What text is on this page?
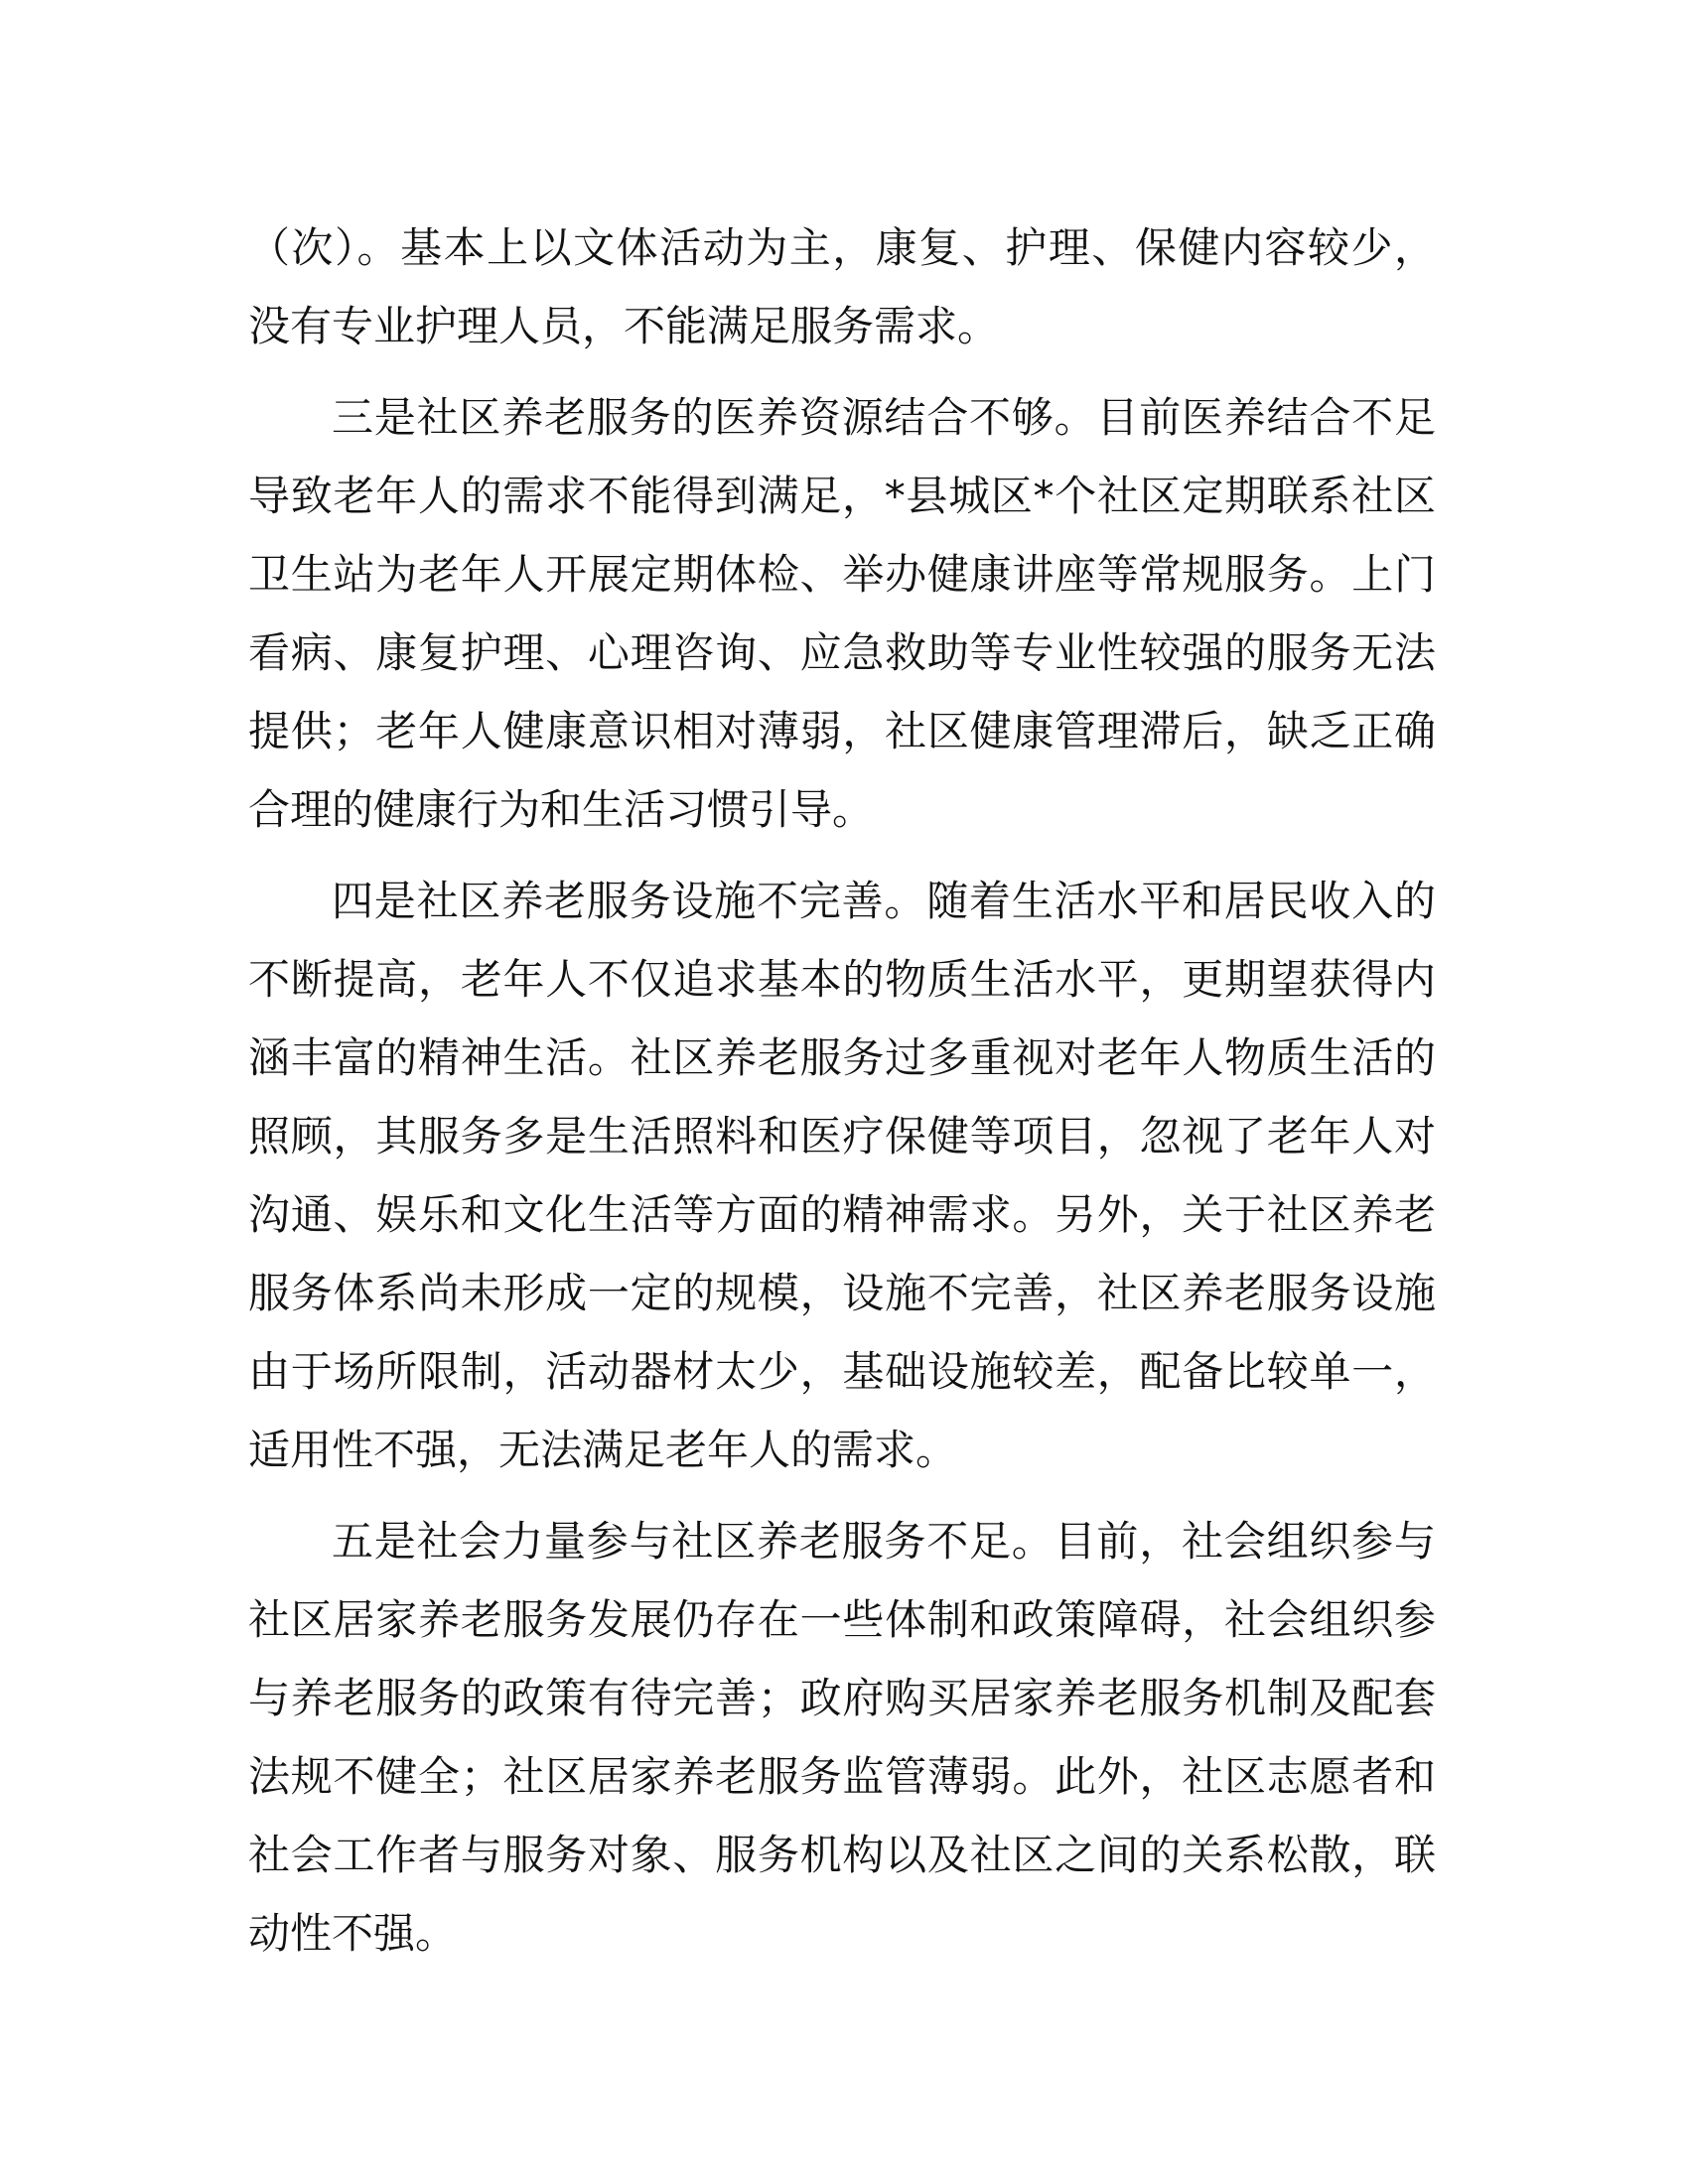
（次）。基本上以文体活动为主，康复、护理、保健内容较少，没有专业护理人员，不能满足服务需求。

三是社区养老服务的医养资源结合不够。目前医养结合不足导致老年人的需求不能得到满足，*县城区*个社区定期联系社区卫生站为老年人开展定期体检、举办健康讲座等常规服务。上门看病、康复护理、心理咨询、应急救助等专业性较强的服务无法提供；老年人健康意识相对薄弱，社区健康管理滞后，缺乏正确合理的健康行为和生活习惯引导。

四是社区养老服务设施不完善。随着生活水平和居民收入的不断提高，老年人不仅追求基本的物质生活水平，更期望获得内涵丰富的精神生活。社区养老服务过多重视对老年人物质生活的照顾，其服务多是生活照料和医疗保健等项目，忽视了老年人对沟通、娱乐和文化生活等方面的精神需求。另外，关于社区养老服务体系尚未形成一定的规模，设施不完善，社区养老服务设施由于场所限制，活动器材太少，基础设施较差，配备比较单一，适用性不强，无法满足老年人的需求。

五是社会力量参与社区养老服务不足。目前，社会组织参与社区居家养老服务发展仍存在一些体制和政策障碍，社会组织参与养老服务的政策有待完善；政府购买居家养老服务机制及配套法规不健全；社区居家养老服务监管薄弱。此外，社区志愿者和社会工作者与服务对象、服务机构以及社区之间的关系松散，联动性不强。
